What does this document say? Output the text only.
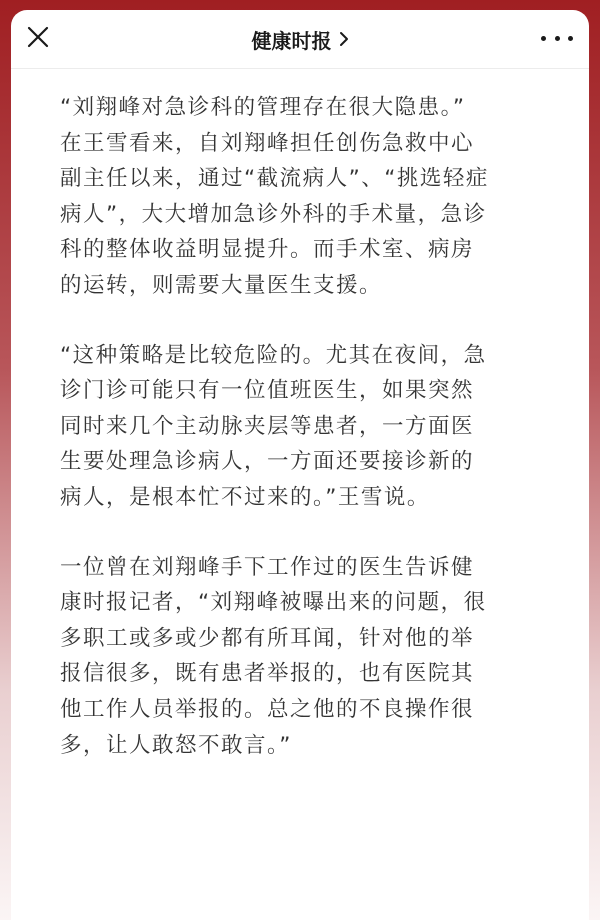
健康时报

“刘翔峰对急诊科的管理存在很大隐患。”
在王雪看来，自刘翔峰担任创伤急救中心
副主任以来，通过“截流病人”、“挑选轻症
病人”，大大增加急诊外科的手术量，急诊
科的整体收益明显提升。而手术室、病房
的运转，则需要大量医生支援。

“这种策略是比较危险的。尤其在夜间，急
诊门诊可能只有一位值班医生，如果突然
同时来几个主动脉夹层等患者，一方面医
生要处理急诊病人，一方面还要接诊新的
病人，是根本忙不过来的。”王雪说。

一位曾在刘翔峰手下工作过的医生告诉健
康时报记者，“刘翔峰被曝出来的问题，很
多职工或多或少都有所耳闻，针对他的举
报信很多，既有患者举报的，也有医院其
他工作人员举报的。总之他的不良操作很
多，让人敢怒不敢言。”
